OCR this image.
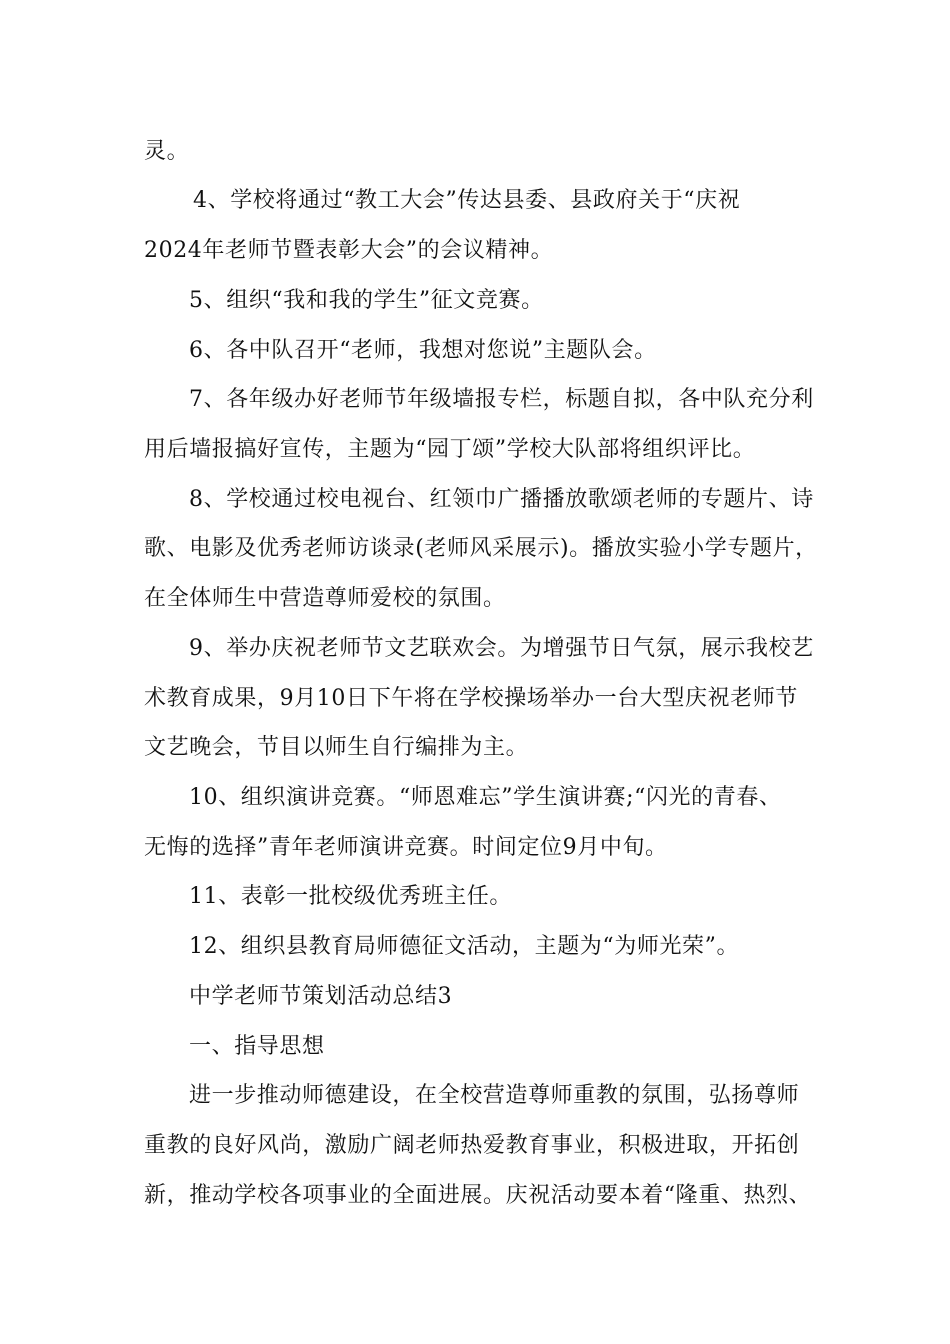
灵。
4、学校将通过“教工大会”传达县委、县政府关于“庆祝
2024年老师节暨表彰大会”的会议精神。
5、组织“我和我的学生”征文竞赛。
6、各中队召开“老师，我想对您说”主题队会。
7、各年级办好老师节年级墙报专栏，标题自拟，各中队充分利
用后墙报搞好宣传，主题为“园丁颂”学校大队部将组织评比。
8、学校通过校电视台、红领巾广播播放歌颂老师的专题片、诗
歌、电影及优秀老师访谈录(老师风采展示)。播放实验小学专题片，
在全体师生中营造尊师爱校的氛围。
9、举办庆祝老师节文艺联欢会。为增强节日气氛，展示我校艺
术教育成果，9月10日下午将在学校操场举办一台大型庆祝老师节
文艺晚会，节目以师生自行编排为主。
10、组织演讲竞赛。“师恩难忘”学生演讲赛;“闪光的青春、
无悔的选择”青年老师演讲竞赛。时间定位9月中旬。
11、表彰一批校级优秀班主任。
12、组织县教育局师德征文活动，主题为“为师光荣”。
中学老师节策划活动总结3
一、指导思想
进一步推动师德建设，在全校营造尊师重教的氛围，弘扬尊师
重教的良好风尚，激励广阔老师热爱教育事业，积极进取，开拓创
新，推动学校各项事业的全面进展。庆祝活动要本着“隆重、热烈、
